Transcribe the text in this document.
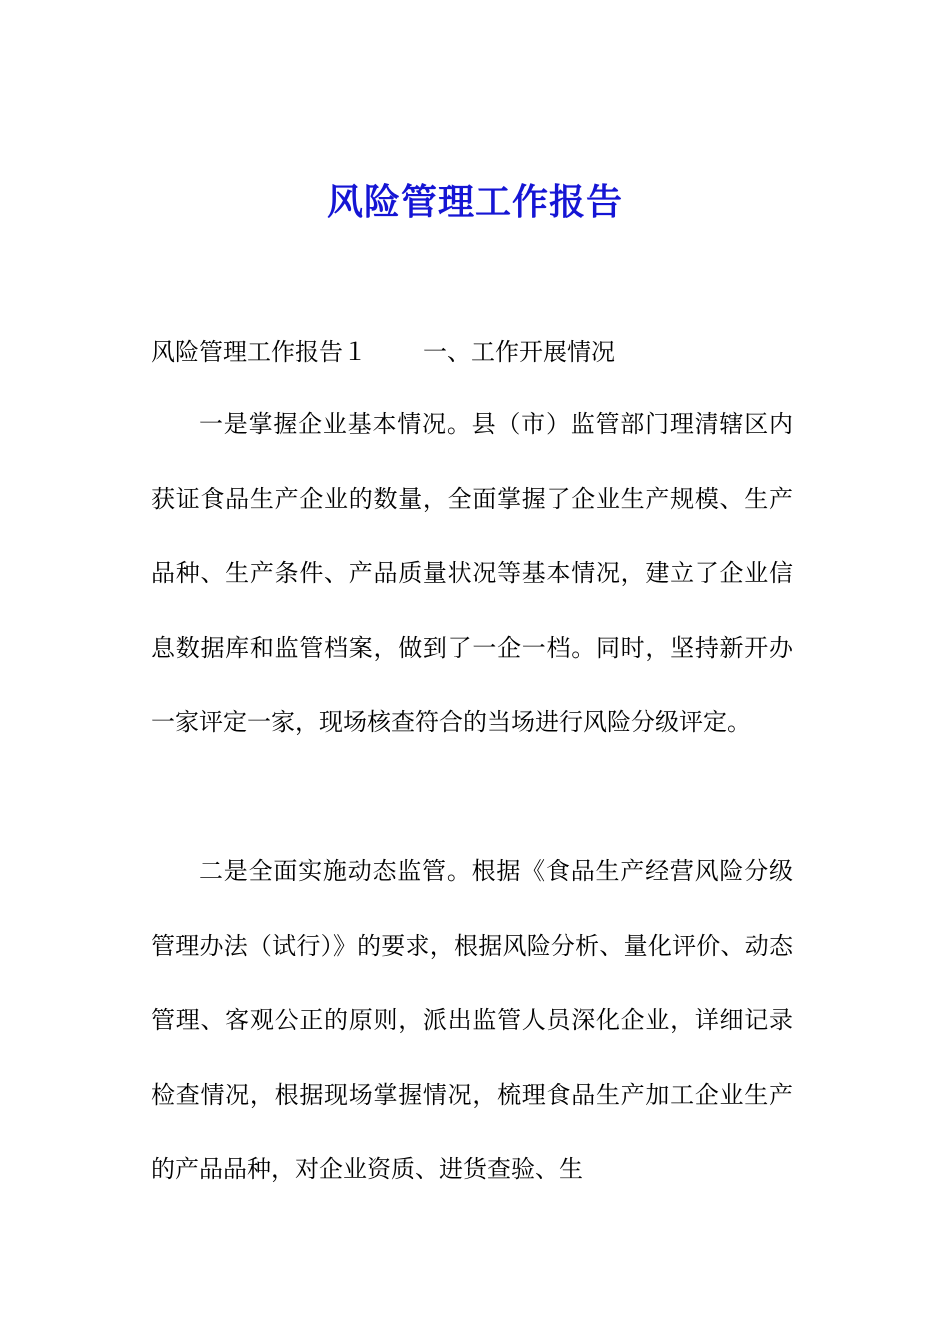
风险管理工作报告
风险管理工作报告１ 一、工作开展情况

一是掌握企业基本情况。县（市）监管部门理清辖区内获证食品生产企业的数量，全面掌握了企业生产规模、生产品种、生产条件、产品质量状况等基本情况，建立了企业信息数据库和监管档案，做到了一企一档。同时，坚持新开办一家评定一家，现场核查符合的当场进行风险分级评定。

二是全面实施动态监管。根据《食品生产经营风险分级管理办法（试行）》的要求，根据风险分析、量化评价、动态管理、客观公正的原则，派出监管人员深化企业，详细记录检查情况，根据现场掌握情况，梳理食品生产加工企业生产的产品品种，对企业资质、进货查验、生
